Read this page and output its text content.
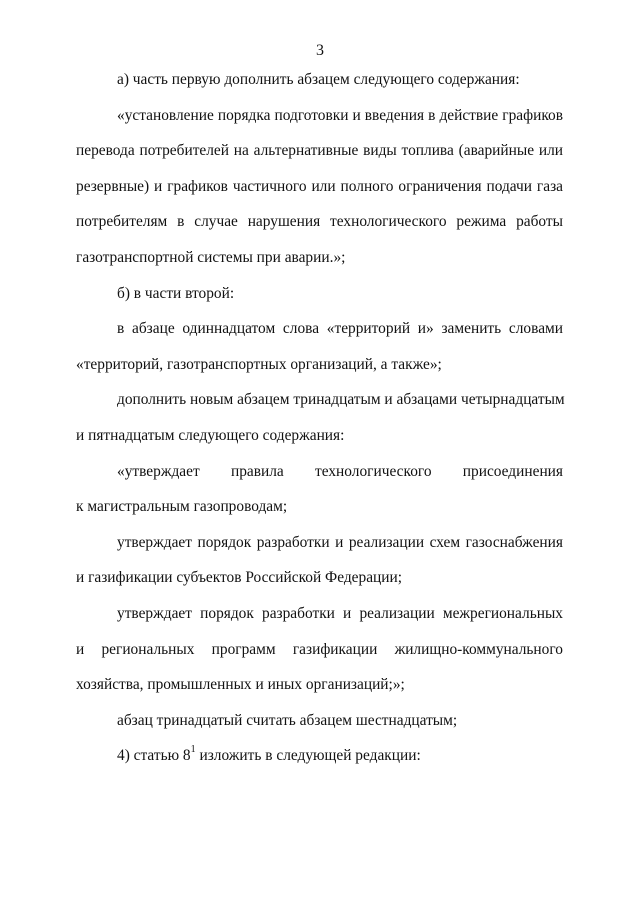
3
а) часть первую дополнить абзацем следующего содержания:
«установление порядка подготовки и введения в действие графиков
перевода потребителей на альтернативные виды топлива (аварийные или
резервные) и графиков частичного или полного ограничения подачи газа
потребителям в случае нарушения технологического режима работы
газотранспортной системы при аварии.»;
б) в части второй:
в абзаце одиннадцатом слова «территорий и» заменить словами
«территорий, газотранспортных организаций, а также»;
дополнить новым абзацем тринадцатым и абзацами четырнадцатым
и пятнадцатым следующего содержания:
«утверждает правила технологического присоединения
к магистральным газопроводам;
утверждает порядок разработки и реализации схем газоснабжения
и газификации субъектов Российской Федерации;
утверждает порядок разработки и реализации межрегиональных
и региональных программ газификации жилищно-коммунального
хозяйства, промышленных и иных организаций;»;
абзац тринадцатый считать абзацем шестнадцатым;
4) статью $8^1$ изложить в следующей редакции:
